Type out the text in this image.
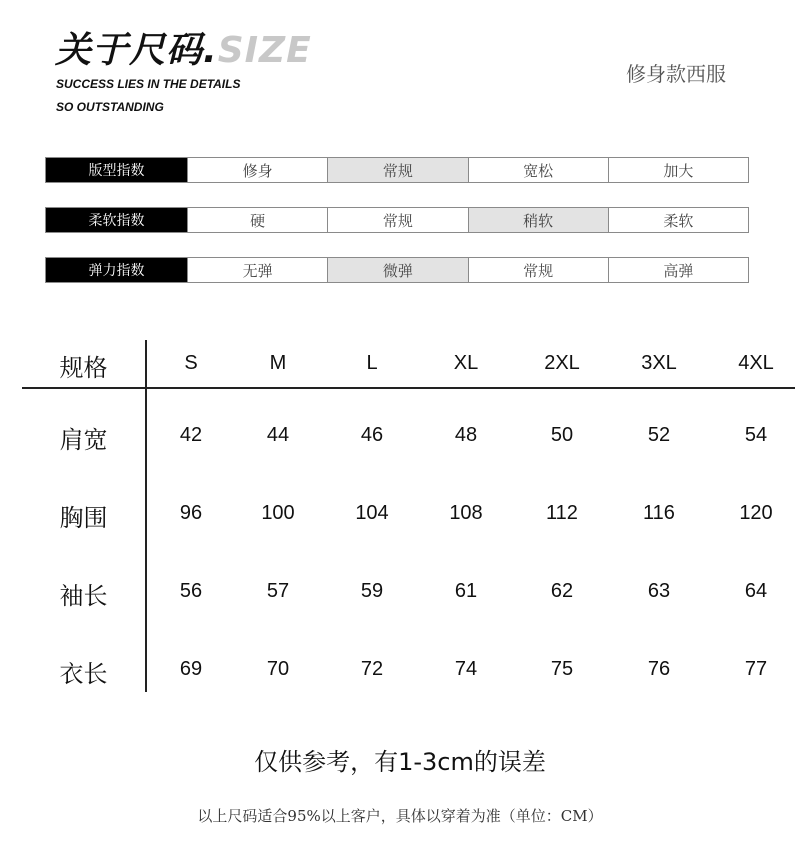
关于尺码.SIZE
SUCCESS LIES IN THE DETAILS
SO OUTSTANDING
修身款西服
版型指数	修身	常规	宽松	加大
柔软指数	硬	常规	稍软	柔软
弹力指数	无弹	微弹	常规	高弹
规格	S	M	L	XL	2XL	3XL	4XL
肩宽	42	44	46	48	50	52	54
胸围	96	100	104	108	112	116	120
袖长	56	57	59	61	62	63	64
衣长	69	70	72	74	75	76	77
仅供参考，有1-3cm的误差
以上尺码适合95%以上客户，具体以穿着为准（单位：CM）
